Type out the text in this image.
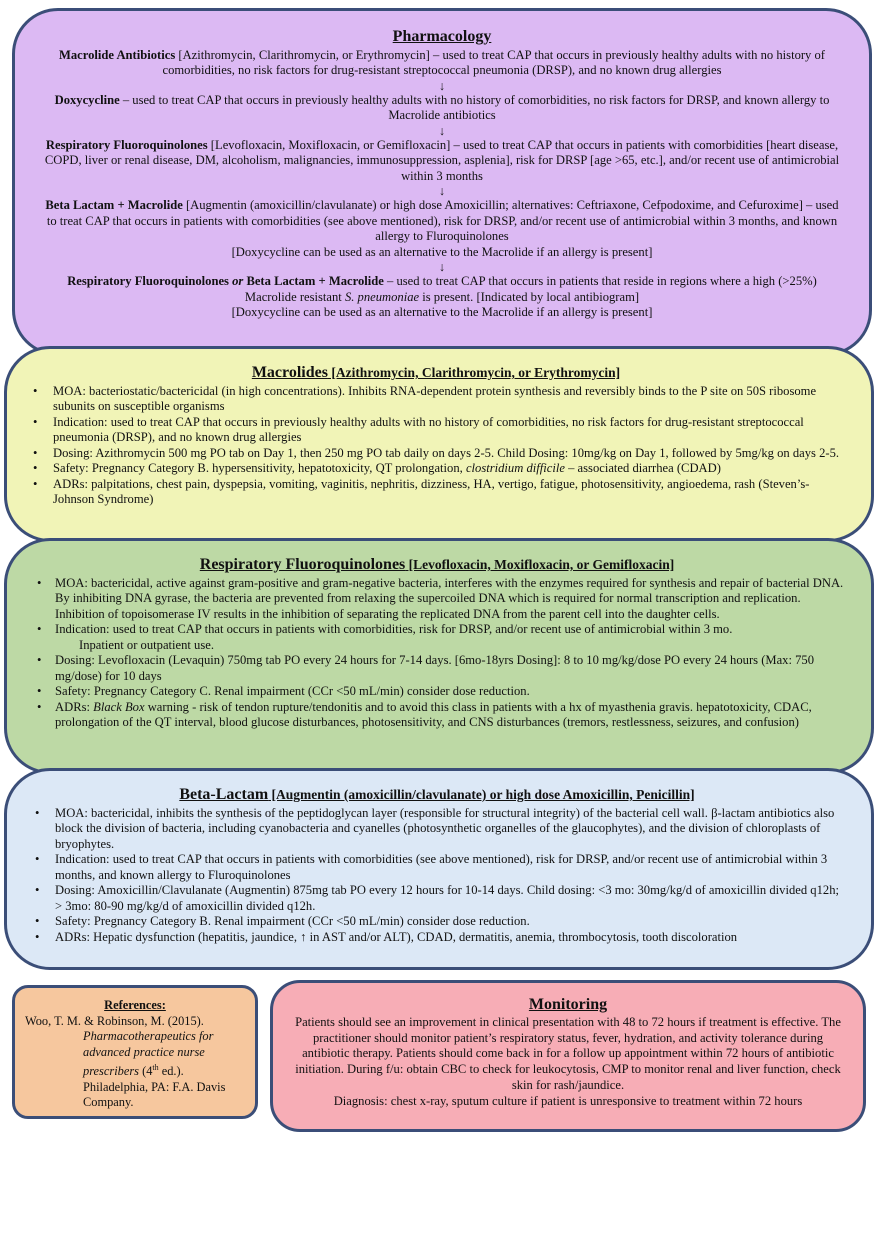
Pharmacology
Macrolide Antibiotics [Azithromycin, Clarithromycin, or Erythromycin] – used to treat CAP that occurs in previously healthy adults with no history of comorbidities, no risk factors for drug-resistant streptococcal pneumonia (DRSP), and no known drug allergies
↓
Doxycycline – used to treat CAP that occurs in previously healthy adults with no history of comorbidities, no risk factors for DRSP, and known allergy to Macrolide antibiotics
↓
Respiratory Fluoroquinolones [Levofloxacin, Moxifloxacin, or Gemifloxacin] – used to treat CAP that occurs in patients with comorbidities [heart disease, COPD, liver or renal disease, DM, alcoholism, malignancies, immunosuppression, asplenia], risk for DRSP [age >65, etc.], and/or recent use of antimicrobial within 3 months
↓
Beta Lactam + Macrolide [Augmentin (amoxicillin/clavulanate) or high dose Amoxicillin; alternatives: Ceftriaxone, Cefpodoxime, and Cefuroxime] – used to treat CAP that occurs in patients with comorbidities (see above mentioned), risk for DRSP, and/or recent use of antimicrobial within 3 months, and known allergy to Fluroquinolones
[Doxycycline can be used as an alternative to the Macrolide if an allergy is present]
↓
Respiratory Fluoroquinolones or Beta Lactam + Macrolide – used to treat CAP that occurs in patients that reside in regions where a high (>25%) Macrolide resistant S. pneumoniae is present. [Indicated by local antibiogram]
[Doxycycline can be used as an alternative to the Macrolide if an allergy is present]
Macrolides [Azithromycin, Clarithromycin, or Erythromycin]
• MOA: bacteriostatic/bactericidal (in high concentrations). Inhibits RNA-dependent protein synthesis and reversibly binds to the P site on 50S ribosome subunits on susceptible organisms
• Indication: used to treat CAP that occurs in previously healthy adults with no history of comorbidities, no risk factors for drug-resistant streptococcal pneumonia (DRSP), and no known drug allergies
• Dosing: Azithromycin 500 mg PO tab on Day 1, then 250 mg PO tab daily on days 2-5. Child Dosing: 10mg/kg on Day 1, followed by 5mg/kg on days 2-5.
• Safety: Pregnancy Category B. hypersensitivity, hepatotoxicity, QT prolongation, clostridium difficile – associated diarrhea (CDAD)
• ADRs: palpitations, chest pain, dyspepsia, vomiting, vaginitis, nephritis, dizziness, HA, vertigo, fatigue, photosensitivity, angioedema, rash (Steven’s-Johnson Syndrome)
Respiratory Fluoroquinolones [Levofloxacin, Moxifloxacin, or Gemifloxacin]
• MOA: bactericidal, active against gram-positive and gram-negative bacteria, interferes with the enzymes required for synthesis and repair of bacterial DNA. By inhibiting DNA gyrase, the bacteria are prevented from relaxing the supercoiled DNA which is required for normal transcription and replication. Inhibition of topoisomerase IV results in the inhibition of separating the replicated DNA from the parent cell into the daughter cells.
• Indication: used to treat CAP that occurs in patients with comorbidities, risk for DRSP, and/or recent use of antimicrobial within 3 mo.
Inpatient or outpatient use.
• Dosing: Levofloxacin (Levaquin) 750mg tab PO every 24 hours for 7-14 days. [6mo-18yrs Dosing]: 8 to 10 mg/kg/dose PO every 24 hours (Max: 750 mg/dose) for 10 days
• Safety: Pregnancy Category C. Renal impairment (CCr <50 mL/min) consider dose reduction.
• ADRs: Black Box warning - risk of tendon rupture/tendonitis and to avoid this class in patients with a hx of myasthenia gravis. hepatotoxicity, CDAC, prolongation of the QT interval, blood glucose disturbances, photosensitivity, and CNS disturbances (tremors, restlessness, seizures, and confusion)
Beta-Lactam [Augmentin (amoxicillin/clavulanate) or high dose Amoxicillin, Penicillin]
• MOA: bactericidal, inhibits the synthesis of the peptidoglycan layer (responsible for structural integrity) of the bacterial cell wall. β-lactam antibiotics also block the division of bacteria, including cyanobacteria and cyanelles (photosynthetic organelles of the glaucophytes), and the division of chloroplasts of bryophytes.
• Indication: used to treat CAP that occurs in patients with comorbidities (see above mentioned), risk for DRSP, and/or recent use of antimicrobial within 3 months, and known allergy to Fluroquinolones
• Dosing: Amoxicillin/Clavulanate (Augmentin) 875mg tab PO every 12 hours for 10-14 days. Child dosing: <3 mo: 30mg/kg/d of amoxicillin divided q12h; > 3mo: 80-90 mg/kg/d of amoxicillin divided q12h.
• Safety: Pregnancy Category B. Renal impairment (CCr <50 mL/min) consider dose reduction.
• ADRs: Hepatic dysfunction (hepatitis, jaundice, ↑ in AST and/or ALT), CDAD, dermatitis, anemia, thrombocytosis, tooth discoloration
References:
Woo, T. M. & Robinson, M. (2015).
Pharmacotherapeutics for advanced practice nurse prescribers (4th ed.).
Philadelphia, PA: F.A. Davis Company.
Monitoring
Patients should see an improvement in clinical presentation with 48 to 72 hours if treatment is effective. The practitioner should monitor patient’s respiratory status, fever, hydration, and activity tolerance during antibiotic therapy. Patients should come back in for a follow up appointment within 72 hours of antibiotic initiation. During f/u: obtain CBC to check for leukocytosis, CMP to monitor renal and liver function, check skin for rash/jaundice.
Diagnosis: chest x-ray, sputum culture if patient is unresponsive to treatment within 72 hours
